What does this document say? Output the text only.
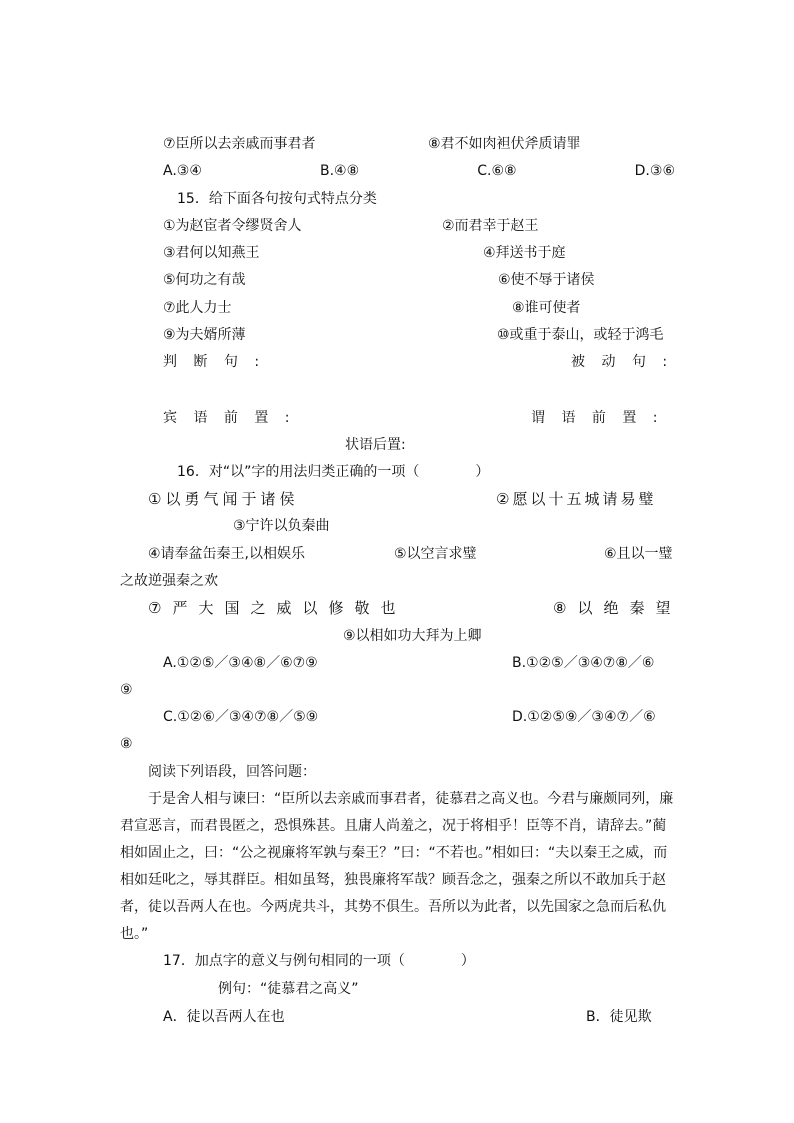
⑦臣所以去亲戚而事君者	⑧君不如肉袒伏斧质请罪
A.③④	B.④⑧	C.⑥⑧	D.③⑥
15．给下面各句按句式特点分类
①为赵宦者令缪贤舍人	②而君幸于赵王
③君何以知燕王	④拜送书于庭
⑤何功之有哉	⑥使不辱于诸侯
⑦此人力士	⑧谁可使者
⑨为夫婿所薄	⑩或重于泰山，或轻于鸿毛
判 断 句 :	被 动 句 :
宾 语 前 置 :	谓 语 前 置 :
状语后置:
16．对“以”字的用法归类正确的一项（　　　　）
①以勇气闻于诸侯	②愿以十五城请易璧
③宁许以负秦曲
④请奉盆缶秦王,以相娱乐	⑤以空言求璧	⑥且以一璧
之故逆强秦之欢
⑦严大国之威以修敬也	⑧以绝秦望
⑨以相如功大拜为上卿
A.①②⑤／③④⑧／⑥⑦⑨	B.①②⑤／③④⑦⑧／⑥
⑨
C.①②⑥／③④⑦⑧／⑤⑨	D.①②⑤⑨／③④⑦／⑥
⑧
阅读下列语段，回答问题：
于是舍人相与谏曰：“臣所以去亲戚而事君者，徒慕君之高义也。今君与廉颇同列，廉君宣恶言，而君畏匿之，恐惧殊甚。且庸人尚羞之，况于将相乎！臣等不肖，请辞去。”蔺相如固止之，曰：“公之视廉将军孰与秦王？”曰：“不若也。”相如曰：“夫以秦王之威，而相如廷叱之，辱其群臣。相如虽驽，独畏廉将军哉？顾吾念之，强秦之所以不敢加兵于赵者，徒以吾两人在也。今两虎共斗，其势不俱生。吾所以为此者，以先国家之急而后私仇也。”
17．加点字的意义与例句相同的一项（　　　　）
例句：“徒慕君之高义”
A．徒以吾两人在也	B．徒见欺
